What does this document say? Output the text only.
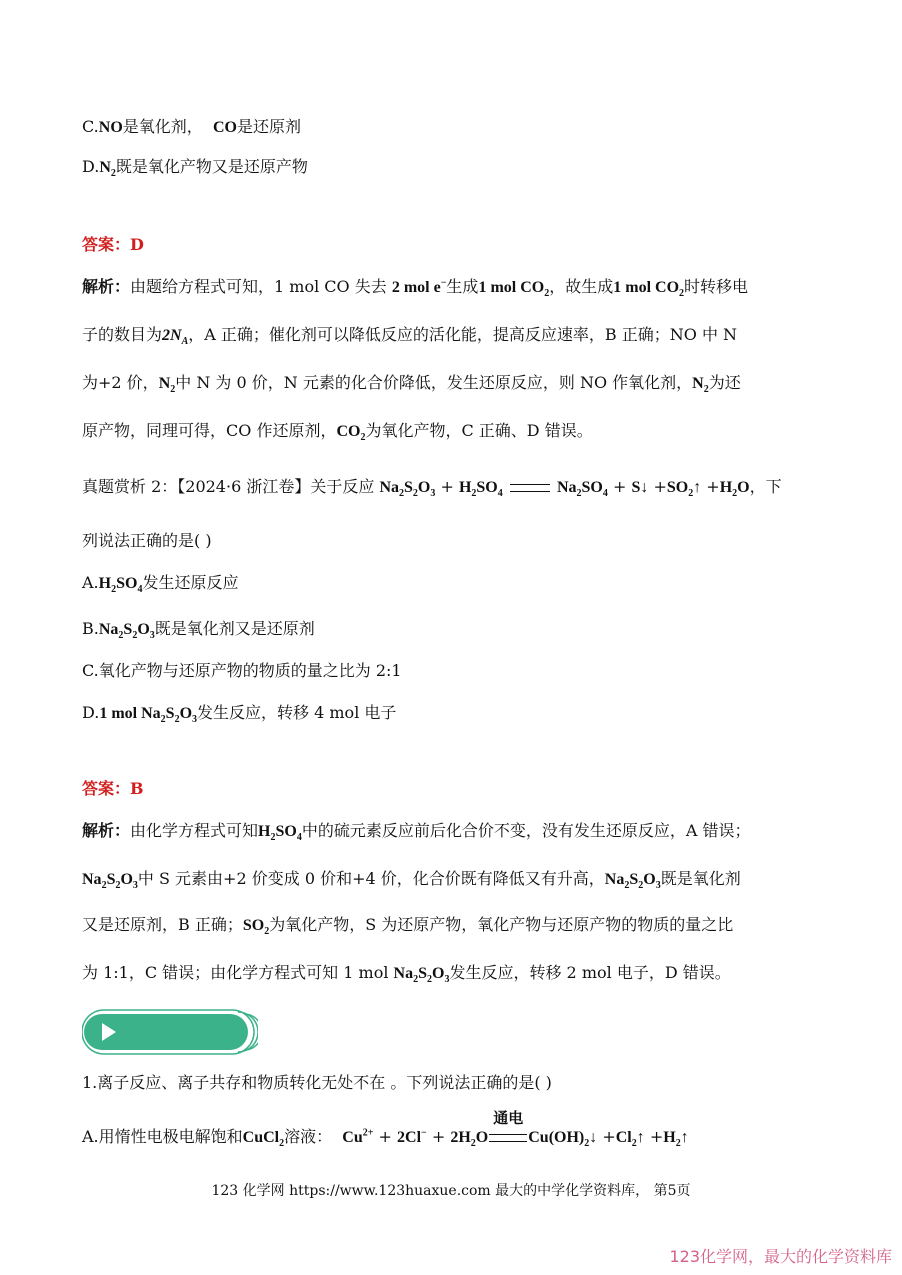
C.NO是氧化剂， CO是还原剂
$D.N_2$既是氧化产物又是还原产物
答案：D
解析：由题给方程式可知，1 mol CO 失去 2 mol e−生成1 mol $CO_2$，故生成1 mol $CO_2$时转移电
子的数目为$2N_A$，A 正确；催化剂可以降低反应的活化能，提高反应速率，B 正确；NO 中 N
为+2 价，$N_2$中 N 为 0 价，N 元素的化合价降低，发生还原反应，则 NO 作氧化剂，$N_2$为还
原产物，同理可得，CO 作还原剂，$CO_2$为氧化产物，C 正确、D 错误。
真题赏析 2：【2024·6 浙江卷】关于反应 $Na_2S_2O_3 + H_2SO_4$	$Na_2SO_4$ + S↓ $+SO_2↑ +H_2O$，下
列说法正确的是( )
$A.H_2SO_4$发生还原反应
$B.Na_2S_2O_3$既是氧化剂又是还原剂
C.氧化产物与还原产物的物质的量之比为 2:1
D.1 mol $Na_2S_2O_3$发生反应，转移 4 mol 电子
答案：B
解析：由化学方程式可知$H_2SO_4$中的硫元素反应前后化合价不变，没有发生还原反应，A 错误；
$Na_2S_2O_3$中 S 元素由+2 价变成 0 价和+4 价，化合价既有降低又有升高，$Na_2S_2O_3$既是氧化剂
又是还原剂，B 正确；$SO_2$为氧化产物，S 为还原产物，氧化产物与还原产物的物质的量之比
为 1:1，C 错误；由化学方程式可知 1 mol $Na_2S_2O_3$发生反应，转移 2 mol 电子，D 错误。
1.离子反应、离子共存和物质转化无处不在 。下列说法正确的是( )
A.用惰性电极电解饱和CuCl$_2$溶液： $Cu^{2+} + 2Cl^- + 2H_2O$
通电
$Cu(OH)_2↓$ $+Cl_2↑$ $+H_2↑$
123 化学网 https://www.123huaxue.com 最大的中学化学资料库， 第5页
123化学网，最大的化学资料库
